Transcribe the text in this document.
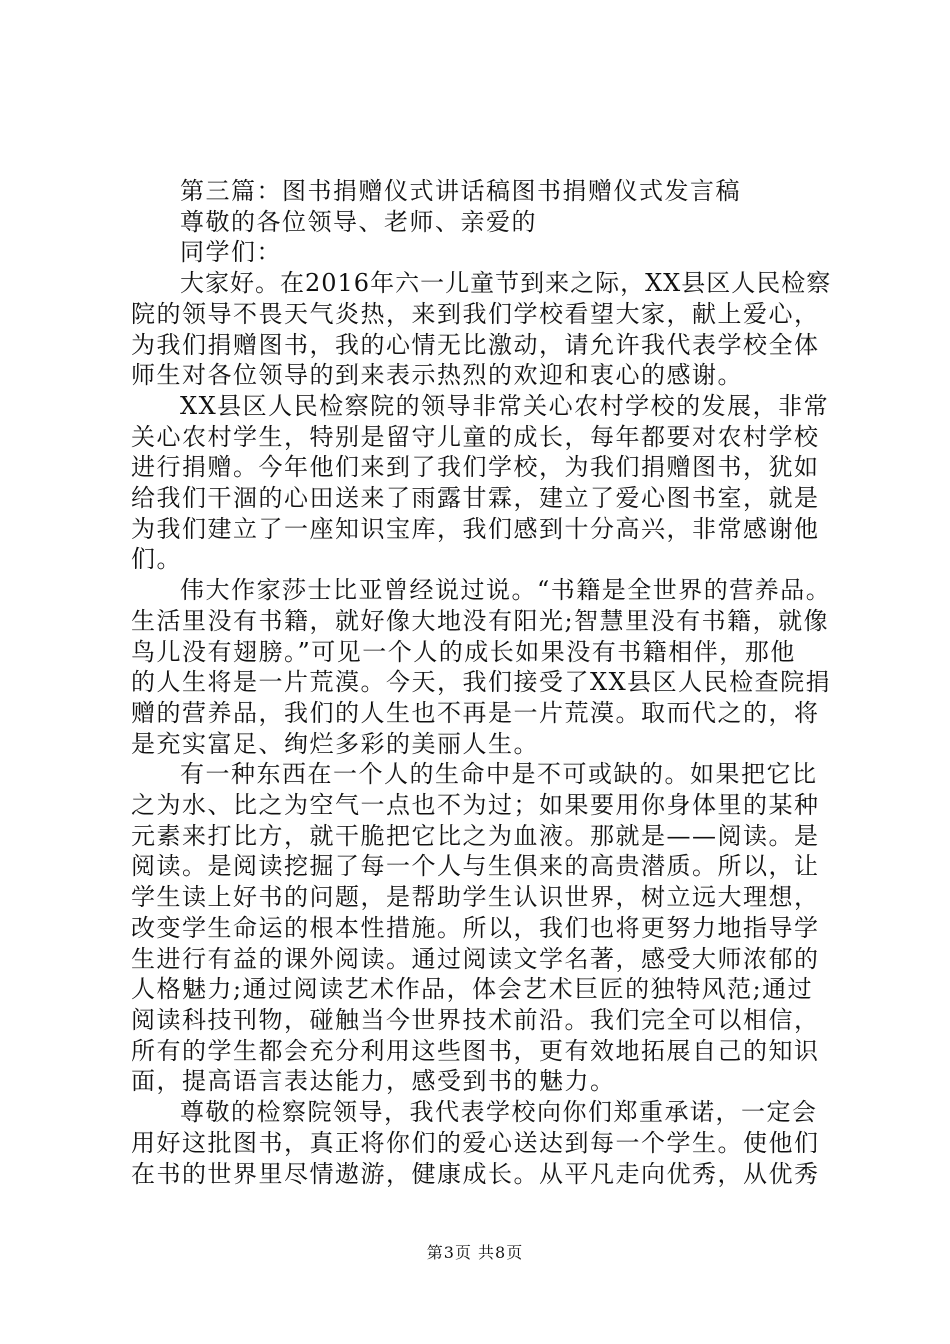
第三篇：图书捐赠仪式讲话稿图书捐赠仪式发言稿
尊敬的各位领导、老师、亲爱的
同学们：
大家好。在2016年六一儿童节到来之际，XX县区人民检察
院的领导不畏天气炎热，来到我们学校看望大家，献上爱心，
为我们捐赠图书，我的心情无比激动，请允许我代表学校全体
师生对各位领导的到来表示热烈的欢迎和衷心的感谢。
XX县区人民检察院的领导非常关心农村学校的发展，非常
关心农村学生，特别是留守儿童的成长，每年都要对农村学校
进行捐赠。今年他们来到了我们学校，为我们捐赠图书，犹如
给我们干涸的心田送来了雨露甘霖，建立了爱心图书室，就是
为我们建立了一座知识宝库，我们感到十分高兴，非常感谢他
们。
伟大作家莎士比亚曾经说过说。“书籍是全世界的营养品。
生活里没有书籍，就好像大地没有阳光;智慧里没有书籍，就像
鸟儿没有翅膀。”可见一个人的成长如果没有书籍相伴，那他
的人生将是一片荒漠。今天，我们接受了XX县区人民检查院捐
赠的营养品，我们的人生也不再是一片荒漠。取而代之的，将
是充实富足、绚烂多彩的美丽人生。
有一种东西在一个人的生命中是不可或缺的。如果把它比
之为水、比之为空气一点也不为过；如果要用你身体里的某种
元素来打比方，就干脆把它比之为血液。那就是——阅读。是
阅读。是阅读挖掘了每一个人与生俱来的高贵潜质。所以，让
学生读上好书的问题，是帮助学生认识世界，树立远大理想，
改变学生命运的根本性措施。所以，我们也将更努力地指导学
生进行有益的课外阅读。通过阅读文学名著，感受大师浓郁的
人格魅力;通过阅读艺术作品，体会艺术巨匠的独特风范;通过
阅读科技刊物，碰触当今世界技术前沿。我们完全可以相信，
所有的学生都会充分利用这些图书，更有效地拓展自己的知识
面，提高语言表达能力，感受到书的魅力。
尊敬的检察院领导，我代表学校向你们郑重承诺，一定会
用好这批图书，真正将你们的爱心送达到每一个学生。使他们
在书的世界里尽情遨游，健康成长。从平凡走向优秀，从优秀
第3页 共8页
